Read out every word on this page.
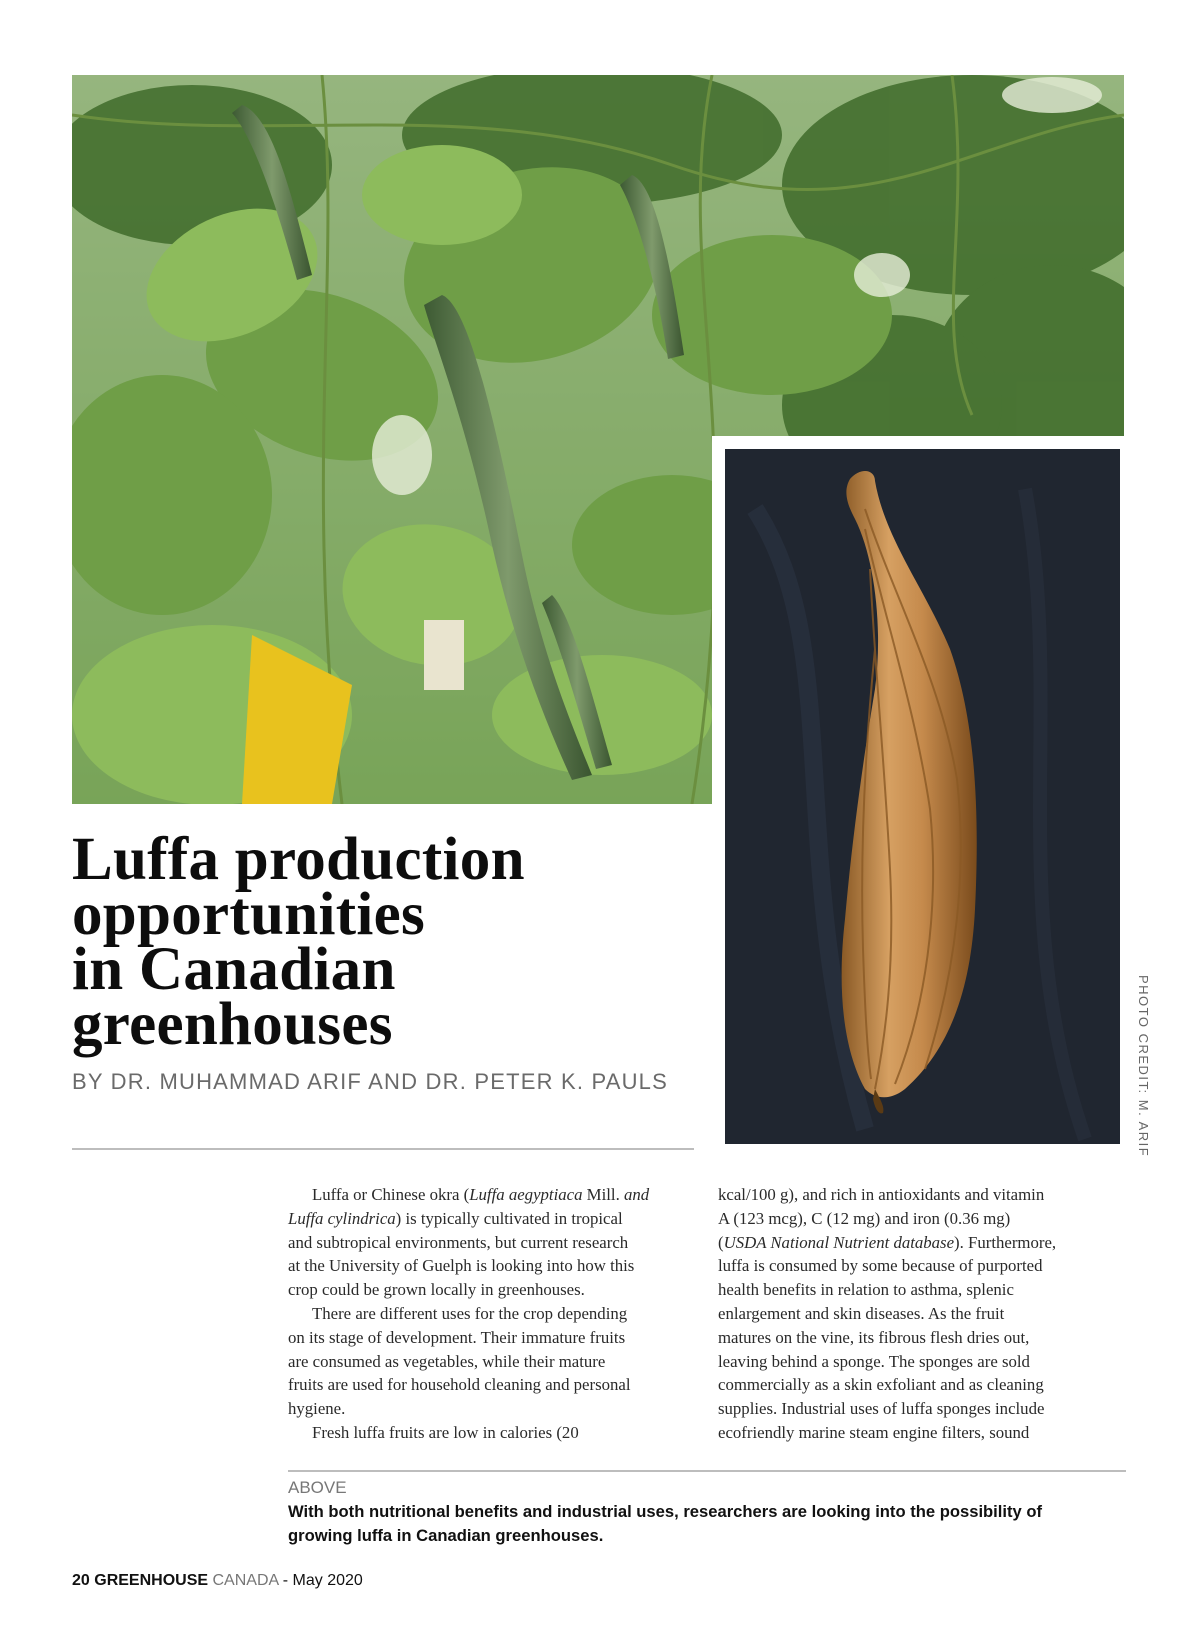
PHOTO CREDIT: M. ARIF
Luffa production
opportunities
in Canadian
greenhouses
BY DR. MUHAMMAD ARIF AND DR. PETER K. PAULS

Luffa or Chinese okra (Luffa aegyptiaca Mill. and

Luffa cylindrica) is typically cultivated in tropical

and subtropical environments, but current research

at the University of Guelph is looking into how this

crop could be grown locally in greenhouses.

There are different uses for the crop depending

on its stage of development. Their immature fruits

are consumed as vegetables, while their mature

fruits are used for household cleaning and personal

hygiene.

Fresh luffa fruits are low in calories (20

kcal/100 g), and rich in antioxidants and vitamin

A (123 mcg), C (12 mg) and iron (0.36 mg)

(USDA National Nutrient database). Furthermore,

luffa is consumed by some because of purported

health benefits in relation to asthma, splenic

enlargement and skin diseases. As the fruit

matures on the vine, its fibrous flesh dries out,

leaving behind a sponge. The sponges are sold

commercially as a skin exfoliant and as cleaning

supplies. Industrial uses of luffa sponges include

ecofriendly marine steam engine filters, sound

ABOVE
With both nutritional benefits and industrial uses, researchers are looking into the possibility of
growing luffa in Canadian greenhouses.
20 GREENHOUSE CANADA - May 2020
